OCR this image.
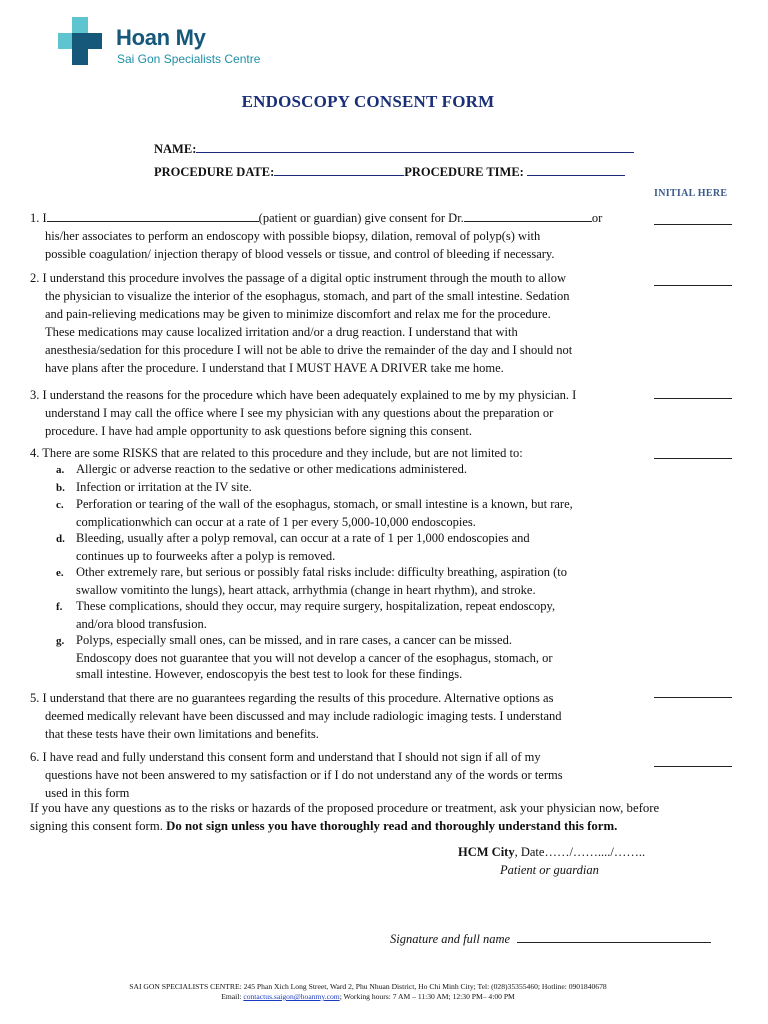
Hoan My
Sai Gon Specialists Centre
ENDOSCOPY CONSENT FORM
NAME:
PROCEDURE DATE:	PROCEDURE TIME:
INITIAL HERE
1. I	(patient or guardian) give consent for Dr.	or
his/her associates to perform an endoscopy with possible biopsy, dilation, removal of polyp(s) with
possible coagulation/ injection therapy of blood vessels or tissue, and control of bleeding if necessary.
2. I understand this procedure involves the passage of a digital optic instrument through the mouth to allow
the physician to visualize the interior of the esophagus, stomach, and part of the small intestine. Sedation
and pain-relieving medications may be given to minimize discomfort and relax me for the procedure.
These medications may cause localized irritation and/or a drug reaction. I understand that with
anesthesia/sedation for this procedure I will not be able to drive the remainder of the day and I should not
have plans after the procedure. I understand that I MUST HAVE A DRIVER take me home.
3. I understand the reasons for the procedure which have been adequately explained to me by my physician. I
understand I may call the office where I see my physician with any questions about the preparation or
procedure. I have had ample opportunity to ask questions before signing this consent.
4. There are some RISKS that are related to this procedure and they include, but are not limited to:
a. Allergic or adverse reaction to the sedative or other medications administered.
b. Infection or irritation at the IV site.
c. Perforation or tearing of the wall of the esophagus, stomach, or small intestine is a known, but rare,
complicationwhich can occur at a rate of 1 per every 5,000-10,000 endoscopies.
d. Bleeding, usually after a polyp removal, can occur at a rate of 1 per 1,000 endoscopies and
continues up to fourweeks after a polyp is removed.
e. Other extremely rare, but serious or possibly fatal risks include: difficulty breathing, aspiration (to
swallow vomitinto the lungs), heart attack, arrhythmia (change in heart rhythm), and stroke.
f. These complications, should they occur, may require surgery, hospitalization, repeat endoscopy,
and/ora blood transfusion.
g. Polyps, especially small ones, can be missed, and in rare cases, a cancer can be missed.
Endoscopy does not guarantee that you will not develop a cancer of the esophagus, stomach, or
small intestine. However, endoscopyis the best test to look for these findings.
5. I understand that there are no guarantees regarding the results of this procedure. Alternative options as
deemed medically relevant have been discussed and may include radiologic imaging tests. I understand
that these tests have their own limitations and benefits.
6. I have read and fully understand this consent form and understand that I should not sign if all of my
questions have not been answered to my satisfaction or if I do not understand any of the words or terms
used in this form
If you have any questions as to the risks or hazards of the proposed procedure or treatment, ask your physician now, before
signing this consent form. Do not sign unless you have thoroughly read and thoroughly understand this form.
HCM City, Date……/……..../……..
Patient or guardian
Signature and full name
SAI GON SPECIALISTS CENTRE: 245 Phan Xich Long Street, Ward 2, Phu Nhuan District, Ho Chi Minh City; Tel: (028)35355460; Hotline: 0901840678
Email: contactus.saigon@hoanmy.com; Working hours: 7 AM – 11:30 AM; 12:30 PM– 4:00 PM
